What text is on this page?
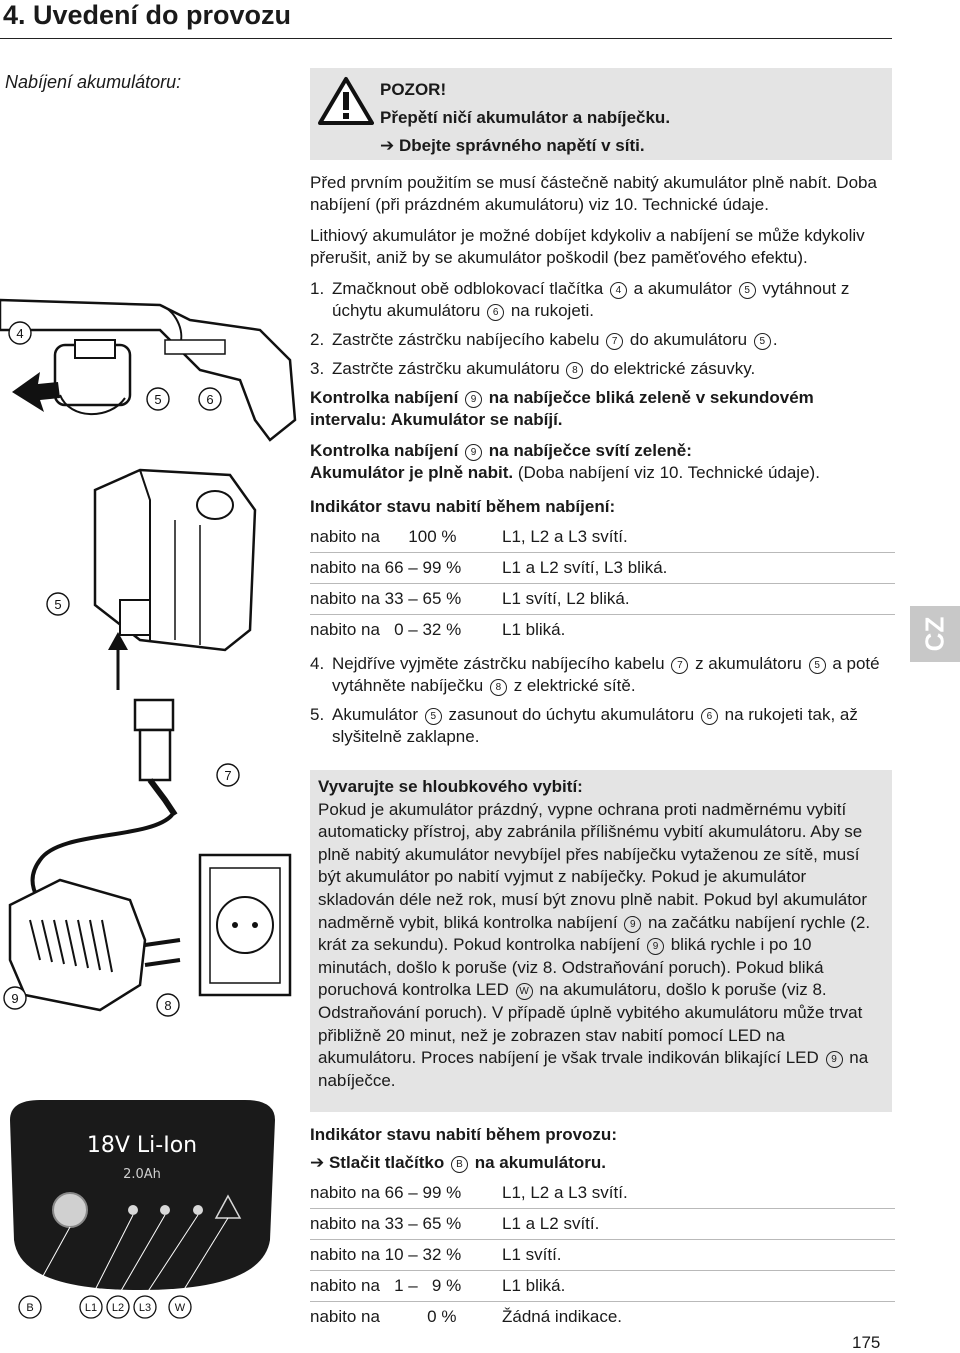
4. Uvedení do provozu
Nabíjení akumulátoru:	POZOR!
Přepětí ničí akumulátor a nabíječku.
➔ Dbejte správného napětí v síti.

Před prvním použitím se musí částečně nabitý akumulátor plně nabít. Doba nabíjení (při prázdném akumulátoru) viz 10. Technické údaje.

Lithiový akumulátor je možné dobíjet kdykoliv a nabíjení se může kdykoliv přerušit, aniž by se akumulátor poškodil (bez paměťového efektu).

1. Zmačknout obě odblokovací tlačítka 4 a akumulátor 5 vytáhnout z úchytu akumulátoru 6 na rukojeti.
2. Zastrčte zástrčku nabíjecího kabelu 7 do akumulátoru 5 .
3. Zastrčte zástrčku akumulátoru 8 do elektrické zásuvky.

Kontrolka nabíjení 9 na nabíječce bliká zeleně v sekundovém intervalu: Akumulátor se nabíjí.

Kontrolka nabíjení 9 na nabíječce svítí zeleně:
Akumulátor je plně nabit. (Doba nabíjení viz 10. Technické údaje).

Indikátor stavu nabití během nabíjení:
nabito na      100 %	L1, L2 a L3 svítí.
nabito na 66 – 99 %	L1 a L2 svítí, L3 bliká.
nabito na 33 – 65 %	L1 svítí, L2 bliká.
nabito na   0 – 32 %	L1 bliká.
4. Nejdříve vyjměte zástrčku nabíjecího kabelu 7 z akumulátoru 5 a poté vytáhněte nabíječku 8 z elektrické sítě.
5. Akumulátor 5 zasunout do úchytu akumulátoru 6 na rukojeti tak, až slyšitelně zaklapne.
Vyvarujte se hloubkového vybití:
Pokud je akumulátor prázdný, vypne ochrana proti nadměrnému vybití automaticky přístroj, aby zabránila přílišnému vybití akumulátoru. Aby se plně nabitý akumulátor nevybíjel přes nabíječku vytaženou ze sítě, musí být akumulátor po nabití vyjmut z nabíječky. Pokud je akumulátor skladován déle než rok, musí být znovu plně nabit. Pokud byl akumulátor nadměrně vybit, bliká kontrolka nabíjení 9 na začátku nabíjení rychle (2. krát za sekundu). Pokud kontrolka nabíjení 9 bliká rychle i po 10 minutách, došlo k poruše (viz 8. Odstraňování poruch). Pokud bliká poruchová kontrolka LED W na akumulátoru, došlo k poruše (viz 8. Odstraňování poruch). V případě úplně vybitého akumulátoru může trvat přibližně 20 minut, než je zobrazen stav nabití pomocí LED na akumulátoru. Proces nabíjení je však trvale indikován blikající LED 9 na nabíječce.
Indikátor stavu nabití během provozu:
➔ Stlačit tlačítko B na akumulátoru.
nabito na 66 – 99 %	L1, L2 a L3 svítí.
nabito na 33 – 65 %	L1 a L2 svítí.
nabito na 10 – 32 %	L1 svítí.
nabito na   1 –   9 %	L1 bliká.
nabito na          0 %	Žádná indikace.
CZ
175
4
5	6
5
7
9	8
18V Li-Ion
2.0Ah
B	L1 L2 L3 W
